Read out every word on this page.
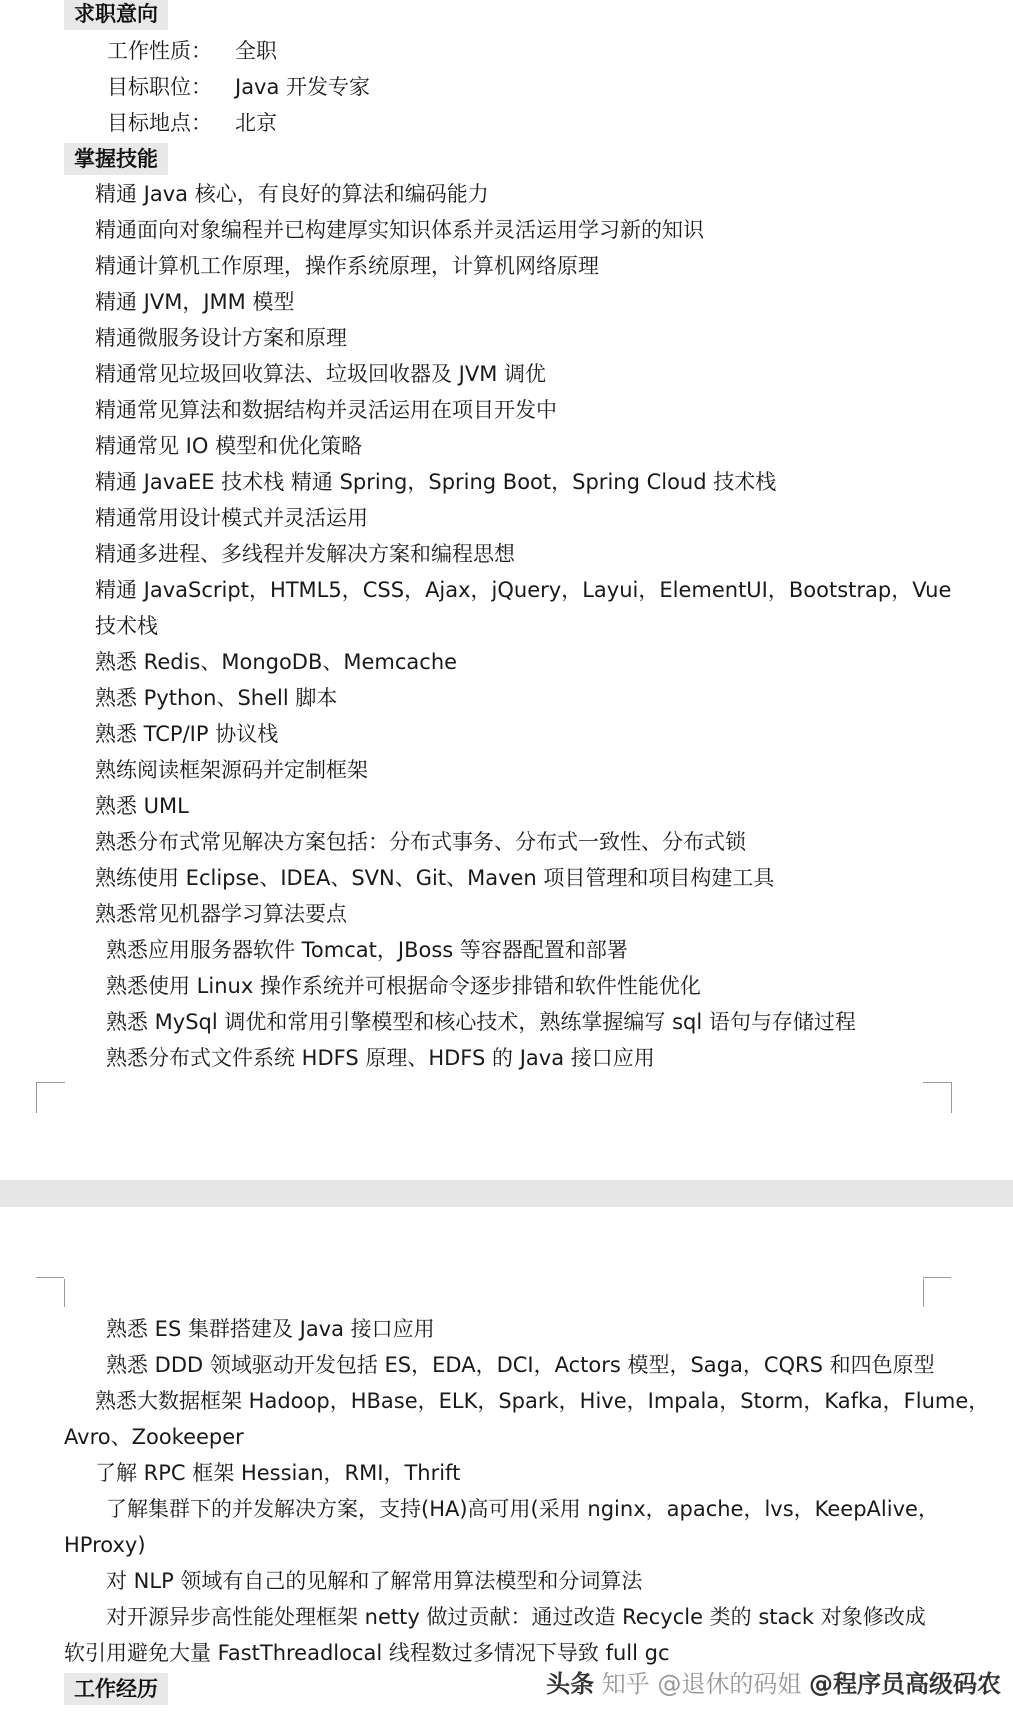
求职意向
工作性质： 全职
目标职位： Java 开发专家
目标地点： 北京
掌握技能
精通 Java 核心，有良好的算法和编码能力
精通面向对象编程并已构建厚实知识体系并灵活运用学习新的知识
精通计算机工作原理，操作系统原理，计算机网络原理
精通 JVM，JMM 模型
精通微服务设计方案和原理
精通常见垃圾回收算法、垃圾回收器及 JVM 调优
精通常见算法和数据结构并灵活运用在项目开发中
精通常见 IO 模型和优化策略
精通 JavaEE 技术栈 精通 Spring，Spring Boot，Spring Cloud 技术栈
精通常用设计模式并灵活运用
精通多进程、多线程并发解决方案和编程思想
精通 JavaScript，HTML5，CSS，Ajax，jQuery，Layui，ElementUI，Bootstrap，Vue
技术栈
熟悉 Redis、MongoDB、Memcache
熟悉 Python、Shell 脚本
熟悉 TCP/IP 协议栈
熟练阅读框架源码并定制框架
熟悉 UML
熟悉分布式常见解决方案包括：分布式事务、分布式一致性、分布式锁
熟练使用 Eclipse、IDEA、SVN、Git、Maven 项目管理和项目构建工具
熟悉常见机器学习算法要点
熟悉应用服务器软件 Tomcat，JBoss 等容器配置和部署
熟悉使用 Linux 操作系统并可根据命令逐步排错和软件性能优化
熟悉 MySql 调优和常用引擎模型和核心技术，熟练掌握编写 sql 语句与存储过程
熟悉分布式文件系统 HDFS 原理、HDFS 的 Java 接口应用
熟悉 ES 集群搭建及 Java 接口应用
熟悉 DDD 领域驱动开发包括 ES，EDA，DCI，Actors 模型，Saga，CQRS 和四色原型
熟悉大数据框架 Hadoop，HBase，ELK，Spark，Hive，Impala，Storm，Kafka，Flume，
Avro、Zookeeper
了解 RPC 框架 Hessian，RMI，Thrift
了解集群下的并发解决方案，支持(HA)高可用(采用 nginx，apache，lvs，KeepAlive，
HProxy)
对 NLP 领域有自己的见解和了解常用算法模型和分词算法
对开源异步高性能处理框架 netty 做过贡献：通过改造 Recycle 类的 stack 对象修改成
软引用避免大量 FastThreadlocal 线程数过多情况下导致 full gc
工作经历	头条 知乎 @退休的码姐 @程序员高级码农
